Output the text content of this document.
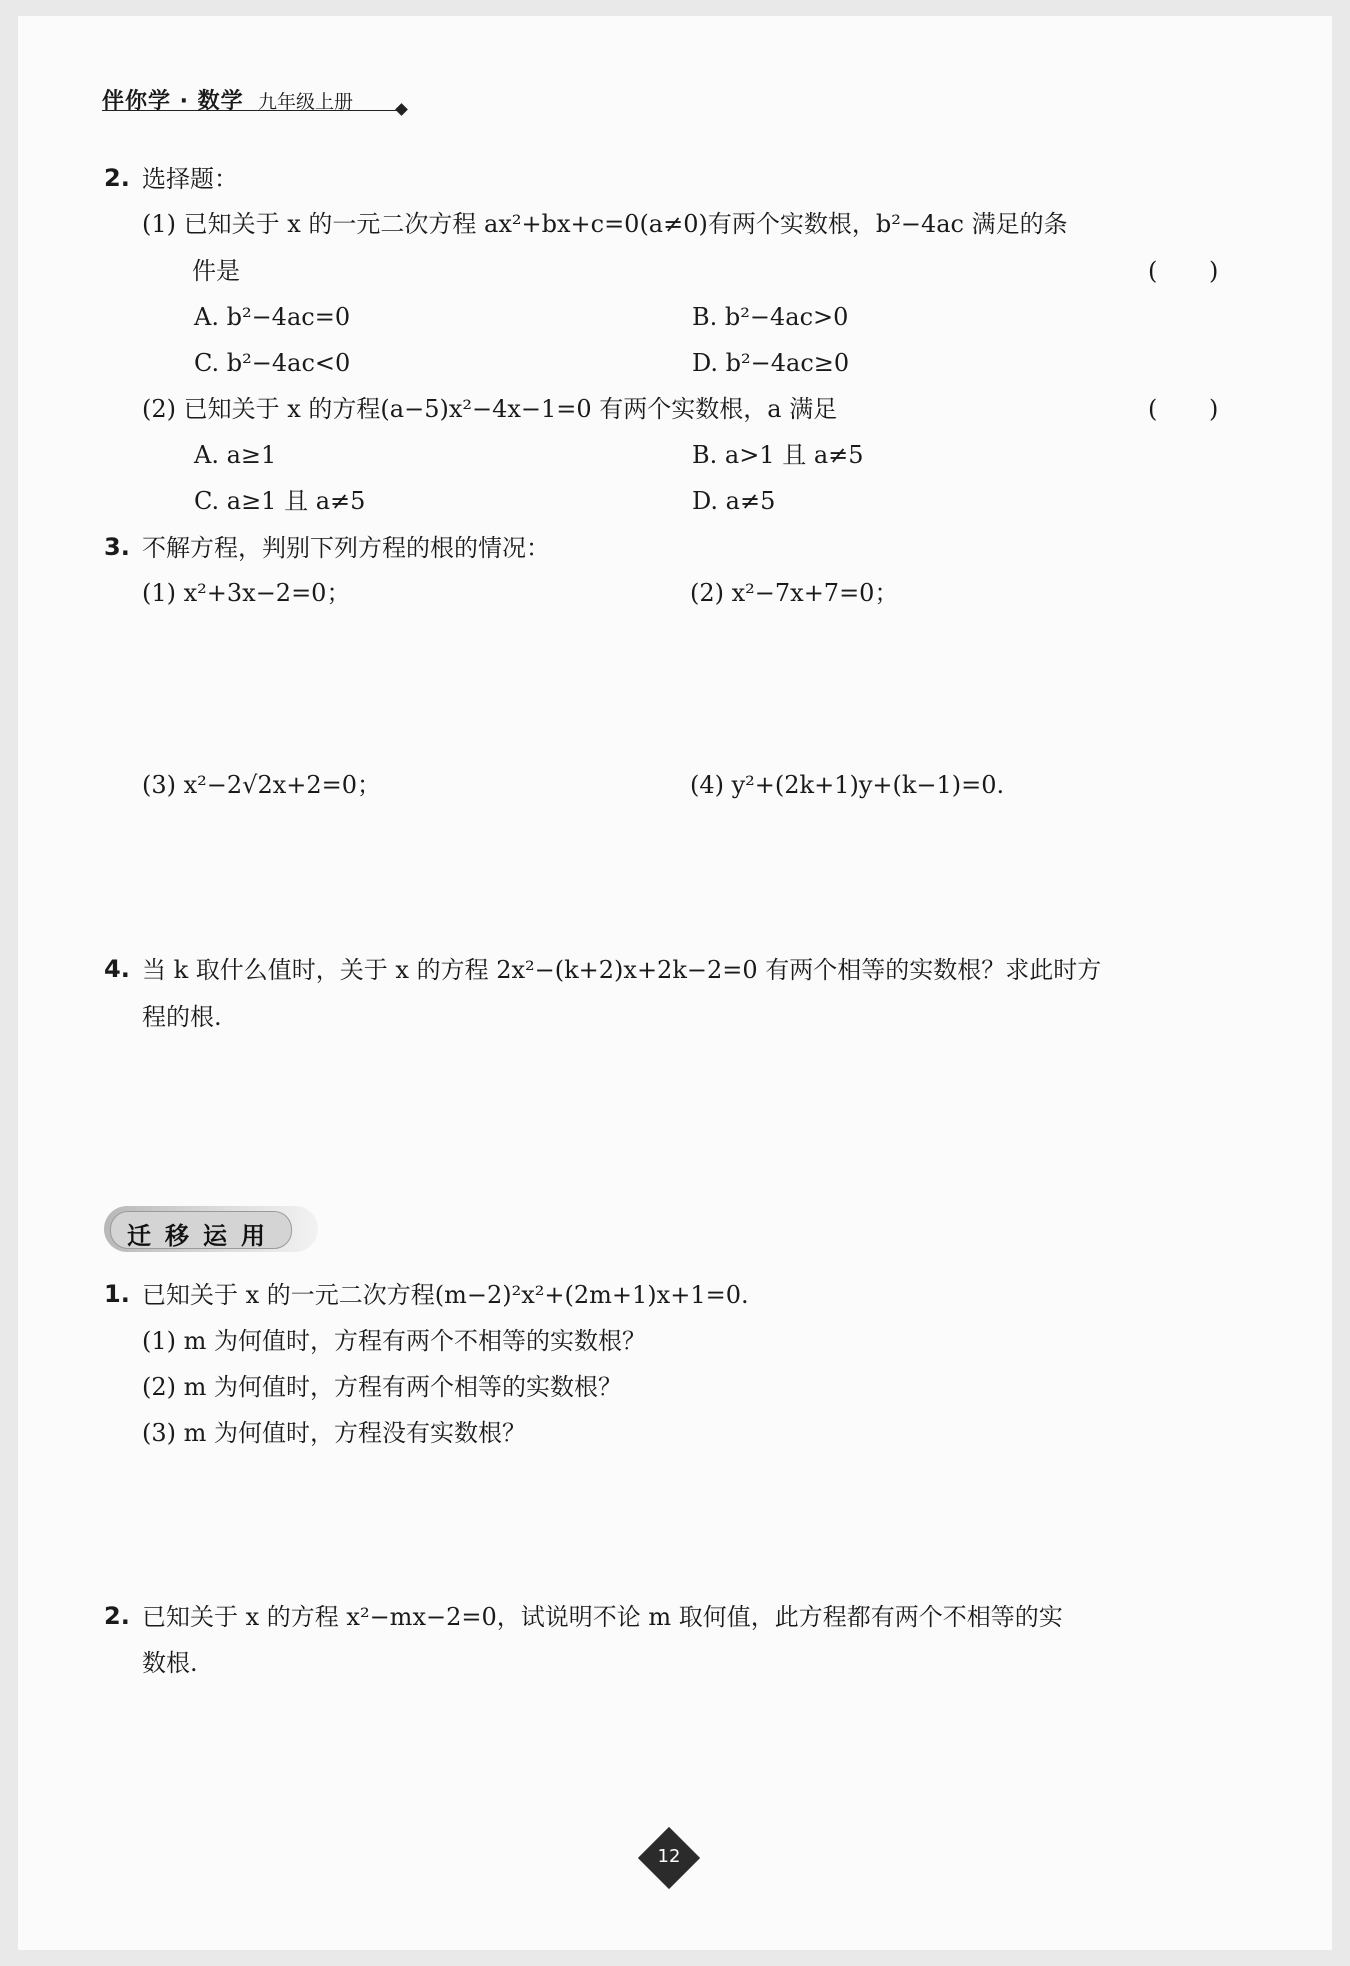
伴你学 · 数学 九年级上册
2. 选择题：
(1) 已知关于 x 的一元二次方程 ax²+bx+c=0(a≠0)有两个实数根，b²−4ac 满足的条
件是	( )
A. b²−4ac=0	B. b²−4ac>0
C. b²−4ac<0	D. b²−4ac≥0
(2) 已知关于 x 的方程(a−5)x²−4x−1=0 有两个实数根，a 满足	( )
A. a≥1	B. a>1 且 a≠5
C. a≥1 且 a≠5	D. a≠5
3. 不解方程，判别下列方程的根的情况：
(1) x²+3x−2=0；	(2) x²−7x+7=0；
(3) x²−2√2x+2=0；	(4) y²+(2k+1)y+(k−1)=0.
4. 当 k 取什么值时，关于 x 的方程 2x²−(k+2)x+2k−2=0 有两个相等的实数根？求此时方
程的根.
迁移运用
1. 已知关于 x 的一元二次方程(m−2)²x²+(2m+1)x+1=0.
(1) m 为何值时，方程有两个不相等的实数根？
(2) m 为何值时，方程有两个相等的实数根？
(3) m 为何值时，方程没有实数根？
2. 已知关于 x 的方程 x²−mx−2=0，试说明不论 m 取何值，此方程都有两个不相等的实
数根.
12
